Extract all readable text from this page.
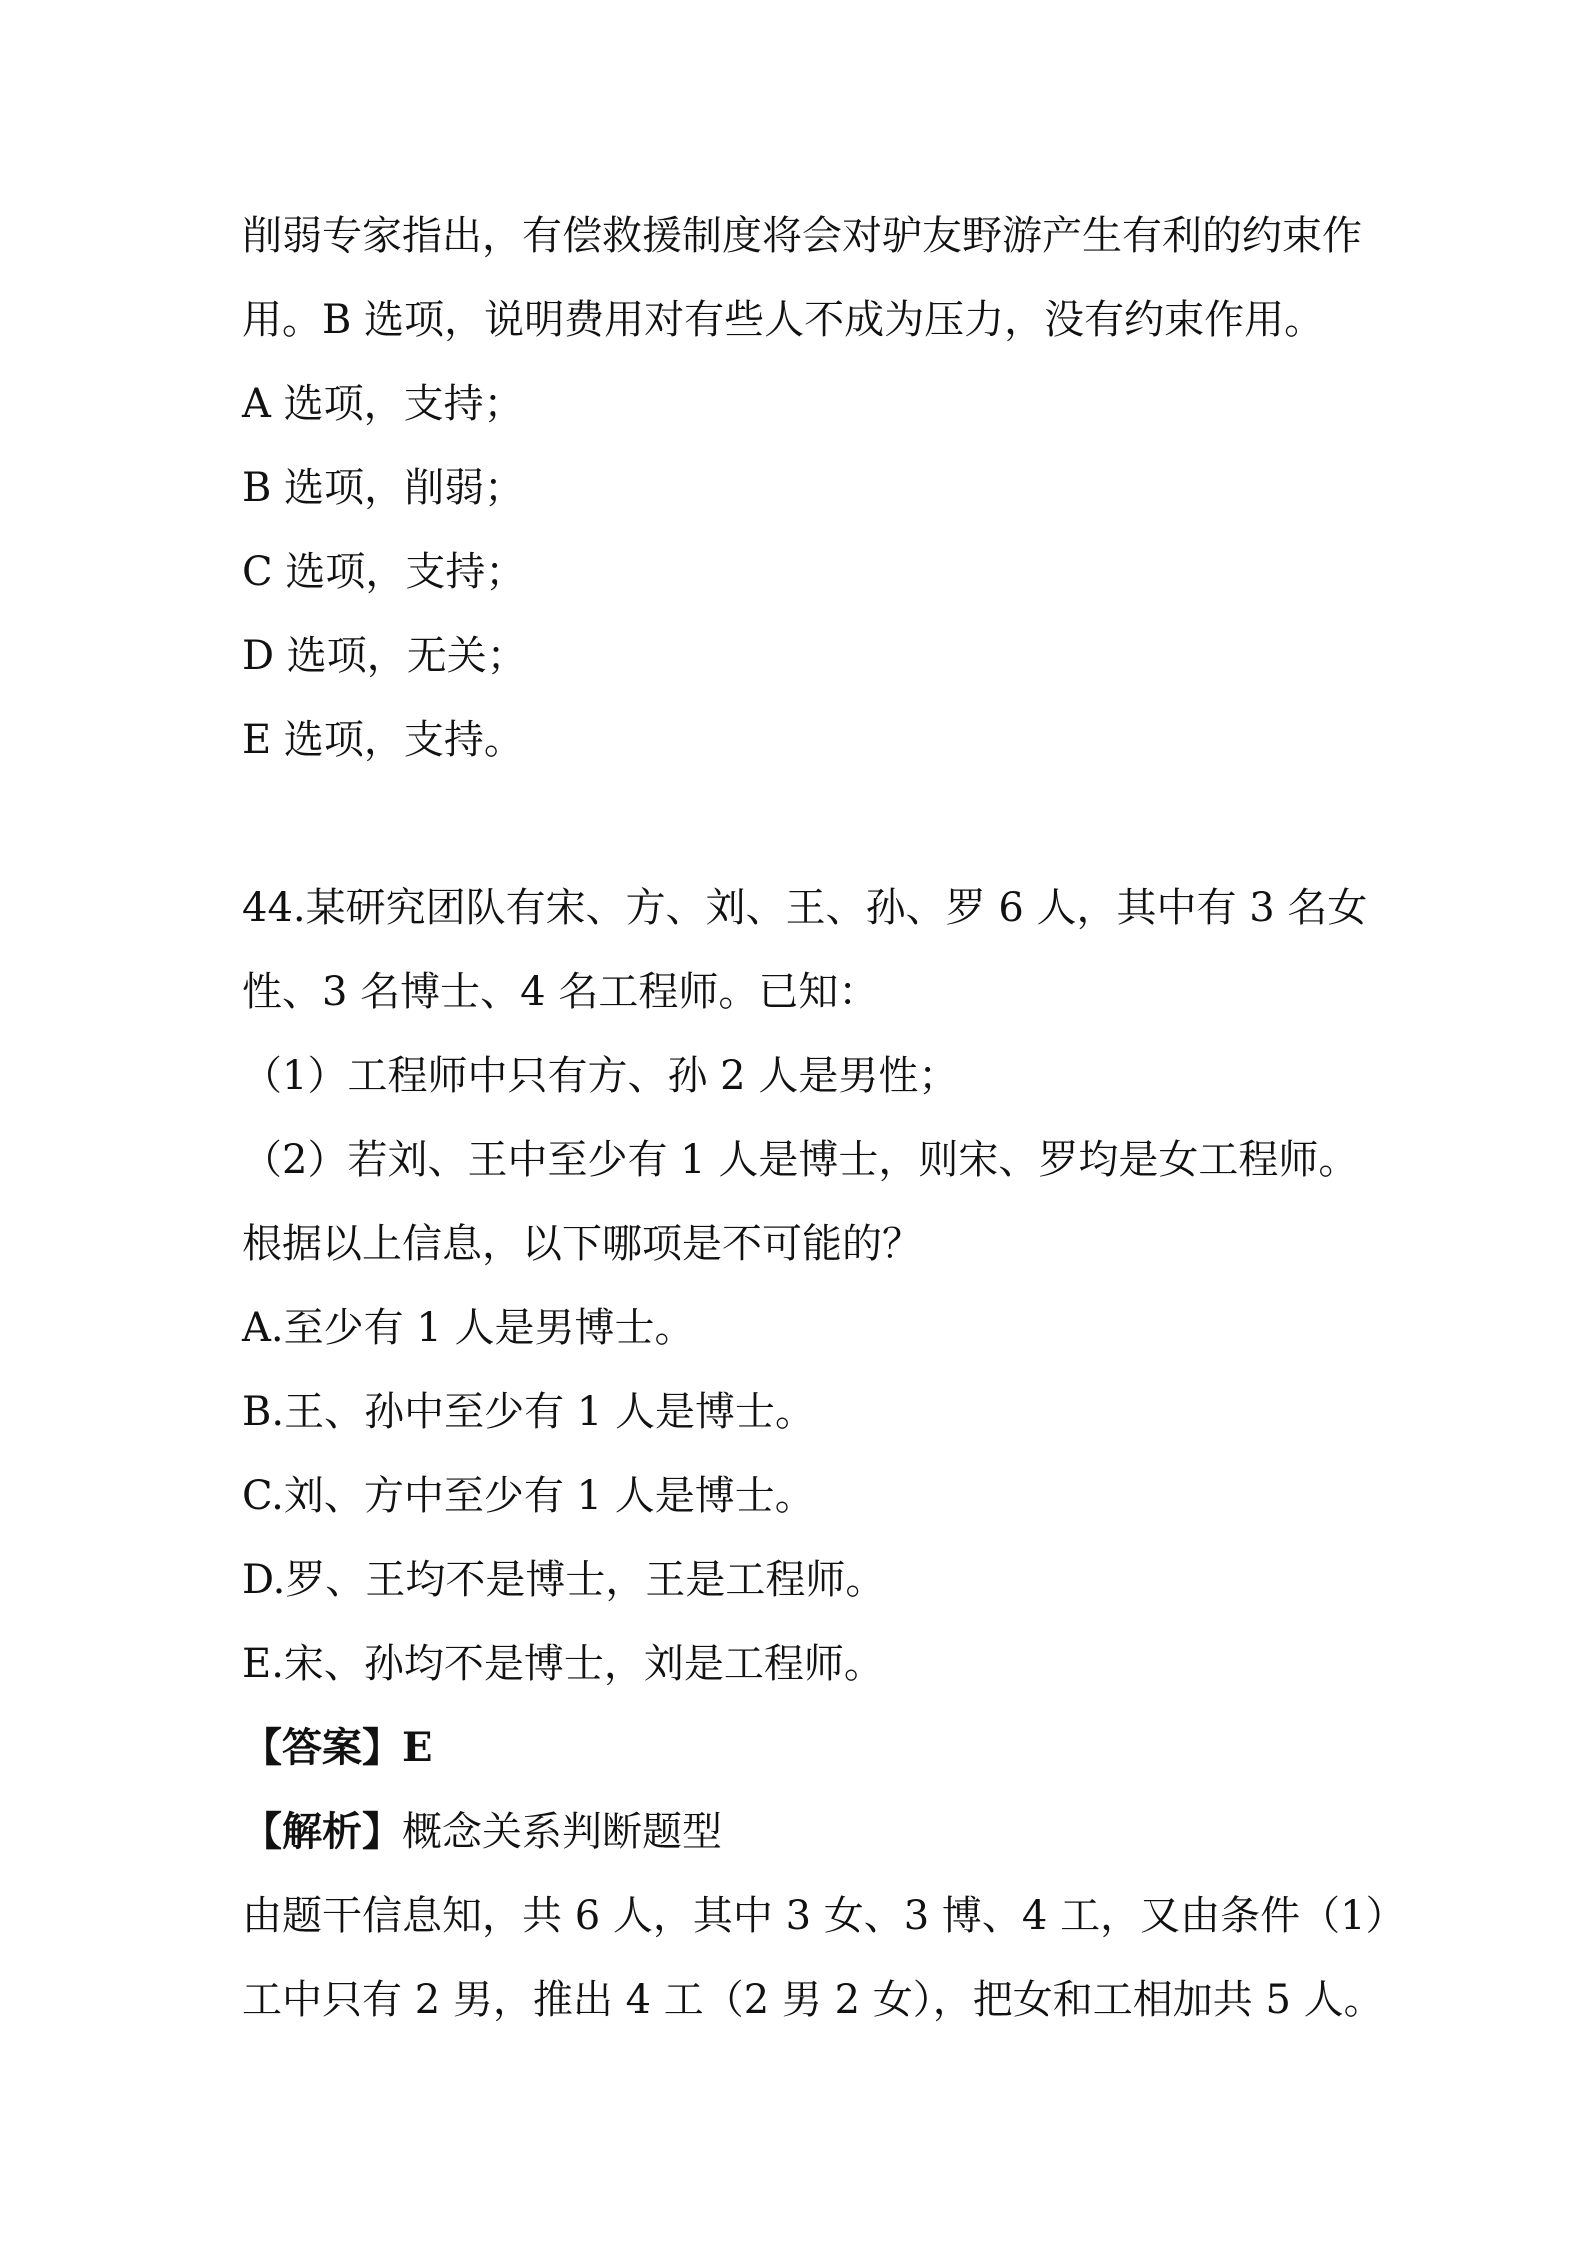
削弱专家指出，有偿救援制度将会对驴友野游产生有利的约束作
用。B 选项，说明费用对有些人不成为压力，没有约束作用。
A 选项，支持；
B 选项，削弱；
C 选项，支持；
D 选项，无关；
E 选项，支持。
44.某研究团队有宋、方、刘、王、孙、罗 6 人，其中有 3 名女
性、3 名博士、4 名工程师。已知：
（1）工程师中只有方、孙 2 人是男性；
（2）若刘、王中至少有 1 人是博士，则宋、罗均是女工程师。
根据以上信息，以下哪项是不可能的？
A.至少有 1 人是男博士。
B.王、孙中至少有 1 人是博士。
C.刘、方中至少有 1 人是博士。
D.罗、王均不是博士，王是工程师。
E.宋、孙均不是博士，刘是工程师。
【答案】E
【解析】概念关系判断题型
由题干信息知，共 6 人，其中 3 女、3 博、4 工，又由条件（1）
工中只有 2 男，推出 4 工（2 男 2 女），把女和工相加共 5 人。
